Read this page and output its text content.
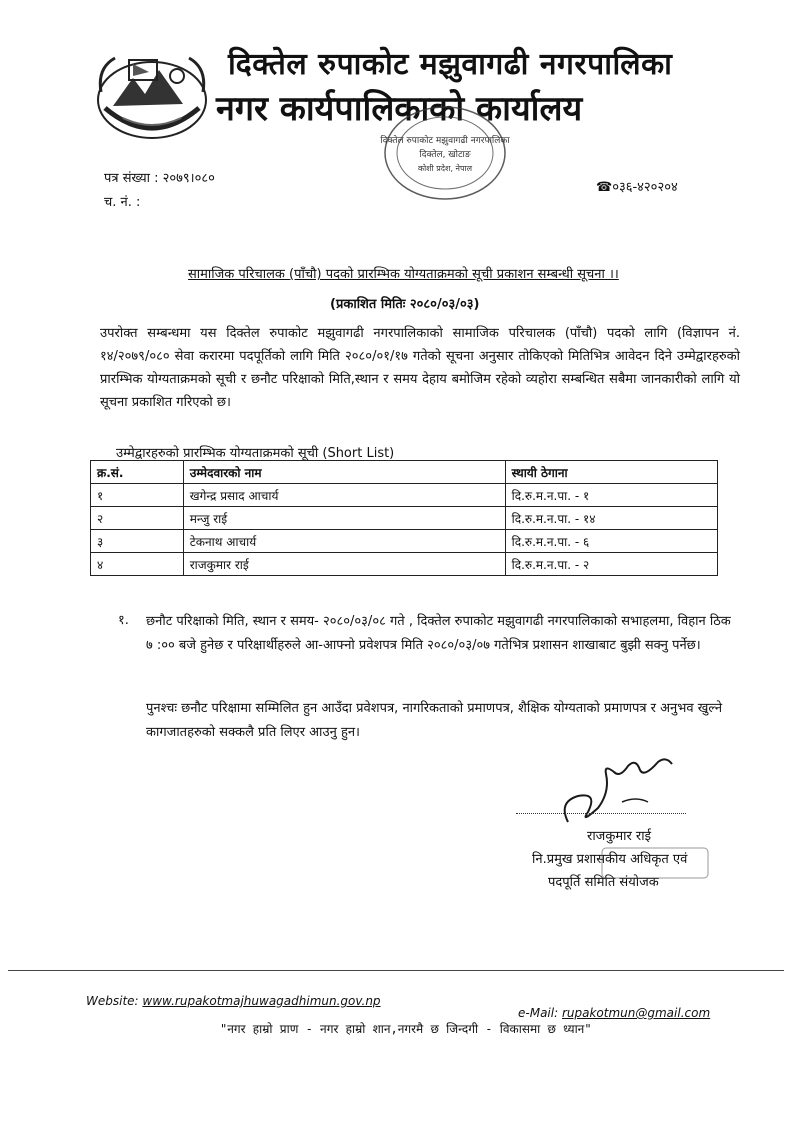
दिक्तेल रुपाकोट मझुवागढी नगरपालिका
नगर कार्यपालिकाको कार्यालय
दिक्तेल रुपाकोट मझुवागढी नगरपालिका
दिक्तेल, खोटाङ
कोशी प्रदेश, नेपाल
पत्र संख्या : २०७९।०८०
च. नं. :
☎०३६-४२०२०४
सामाजिक परिचालक (पाँचौ) पदको प्रारम्भिक योग्यताक्रमको सूची प्रकाशन सम्बन्धी सूचना ।।
(प्रकाशित मितिः २०८०/०३/०३)
उपरोक्त सम्बन्धमा यस दिक्तेल रुपाकोट मझुवागढी नगरपालिकाको सामाजिक परिचालक (पाँचौ) पदको लागि (विज्ञापन नं. १४/२०७९/०८० सेवा करारमा पदपूर्तिको लागि मिति २०८०/०१/१७ गतेको सूचना अनुसार तोकिएको मितिभित्र आवेदन दिने उम्मेद्वारहरुको प्रारम्भिक योग्यताक्रमको सूची र छनौट परिक्षाको मिति,स्थान र समय देहाय बमोजिम रहेको व्यहोरा सम्बन्धित सबैमा जानकारीको लागि यो सूचना प्रकाशित गरिएको छ।
उम्मेद्वारहरुको प्रारम्भिक योग्यताक्रमको सूची (Short List)
क्र.सं.	उम्मेदवारको नाम	स्थायी ठेगाना
१	खगेन्द्र प्रसाद आचार्य	दि.रु.म.न.पा. - १
२	मन्जु राई	दि.रु.म.न.पा. - १४
३	टेकनाथ आचार्य	दि.रु.म.न.पा. - ६
४	राजकुमार राई	दि.रु.म.न.पा. - २
१. छनौट परिक्षाको मिति, स्थान र समय- २०८०/०३/०८ गते , दिक्तेल रुपाकोट मझुवागढी नगरपालिकाको सभाहलमा, विहान ठिक ७ :०० बजे हुनेछ र परिक्षार्थीहरुले आ-आफ्नो प्रवेशपत्र मिति २०८०/०३/०७ गतेभित्र प्रशासन शाखाबाट बुझी सक्नु पर्नेछ।
पुनश्चः छनौट परिक्षामा सम्मिलित हुन आउँदा प्रवेशपत्र, नागरिकताको प्रमाणपत्र, शैक्षिक योग्यताको प्रमाणपत्र र अनुभव खुल्ने कागजातहरुको सक्कलै प्रति लिएर आउनु हुन।
राजकुमार राई
नि.प्रमुख प्रशासकीय अधिकृत एवं
पदपूर्ति समिति संयोजक
Website: www.rupakotmajhuwagadhimun.gov.np
e-Mail: rupakotmun@gmail.com
"नगर हाम्रो प्राण - नगर हाम्रो शान,नगरमै छ जिन्दगी - विकासमा छ ध्यान"
